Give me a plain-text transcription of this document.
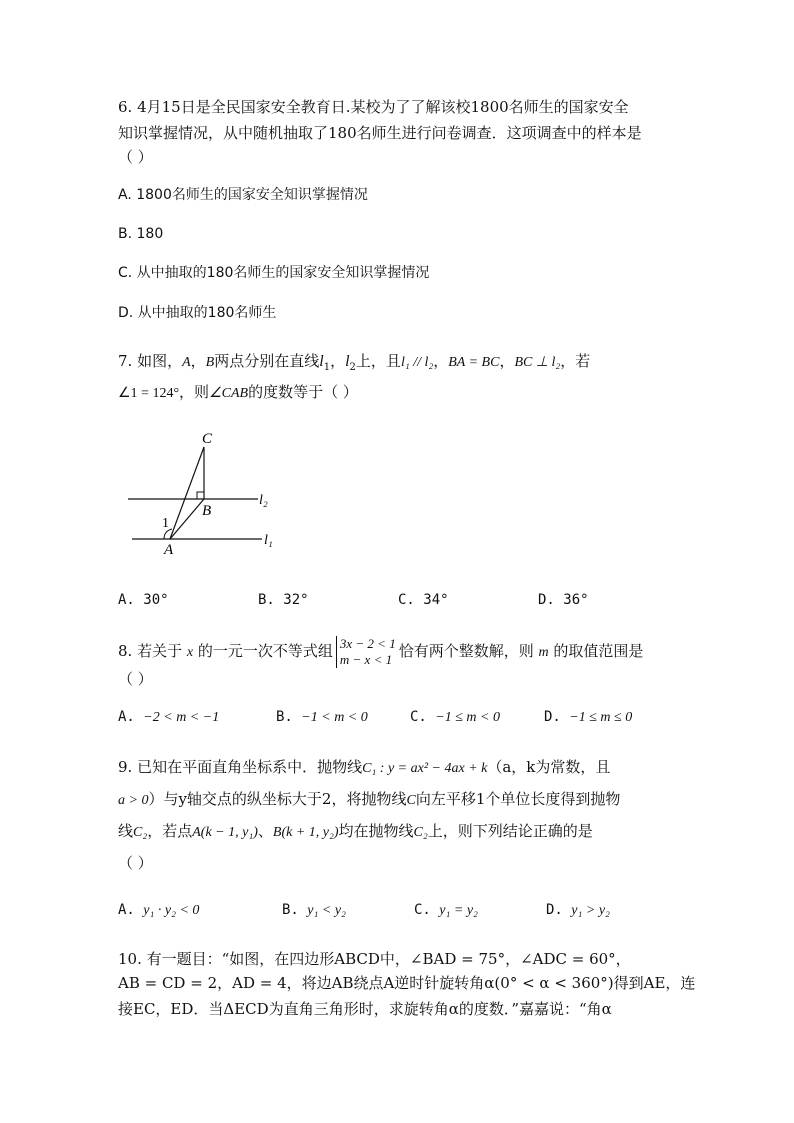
6. 4月15日是全民国家安全教育日.某校为了了解该校1800名师生的国家安全
知识掌握情况，从中随机抽取了180名师生进行问卷调查．这项调查中的样本是
（ ）
A. 1800名师生的国家安全知识掌握情况
B. 180
C. 从中抽取的180名师生的国家安全知识掌握情况
D. 从中抽取的180名师生
7. 如图，A，B两点分别在直线$l_1$，$l_2$上，且l₁ // l₂，BA = BC，BC ⊥ l₂，若
∠1 = 124°，则∠CAB的度数等于（ ）
C
B
A
1
l₂
l₁
A. 30°	B. 32°	C. 34°	D. 36°
8. 若关于 x 的一元一次不等式组 3x − 2 < 1
m − x < 1 恰有两个整数解，则 m 的取值范围是
（ ）
A. −2 < m < −1	B. −1 < m < 0	C. −1 ≤ m < 0	D. −1 ≤ m ≤ 0
9. 已知在平面直角坐标系中．抛物线C₁ : y = ax² − 4ax + k（a，k为常数，且
a > 0）与y轴交点的纵坐标大于2，将抛物线C向左平移1个单位长度得到抛物
线C₂，若点A(k − 1, y₁)、B(k + 1, y₂)均在抛物线C₂上，则下列结论正确的是
（ ）
A. y₁ · y₂ < 0	B. y₁ < y₂	C. y₁ = y₂	D. y₁ > y₂
10. 有一题目：“如图，在四边形ABCD中，∠BAD = 75°，∠ADC = 60°，
AB = CD = 2，AD = 4，将边AB绕点A逆时针旋转角α(0° < α < 360°)得到AE，连
接EC，ED．当ΔECD为直角三角形时，求旋转角α的度数．”嘉嘉说：“角α
